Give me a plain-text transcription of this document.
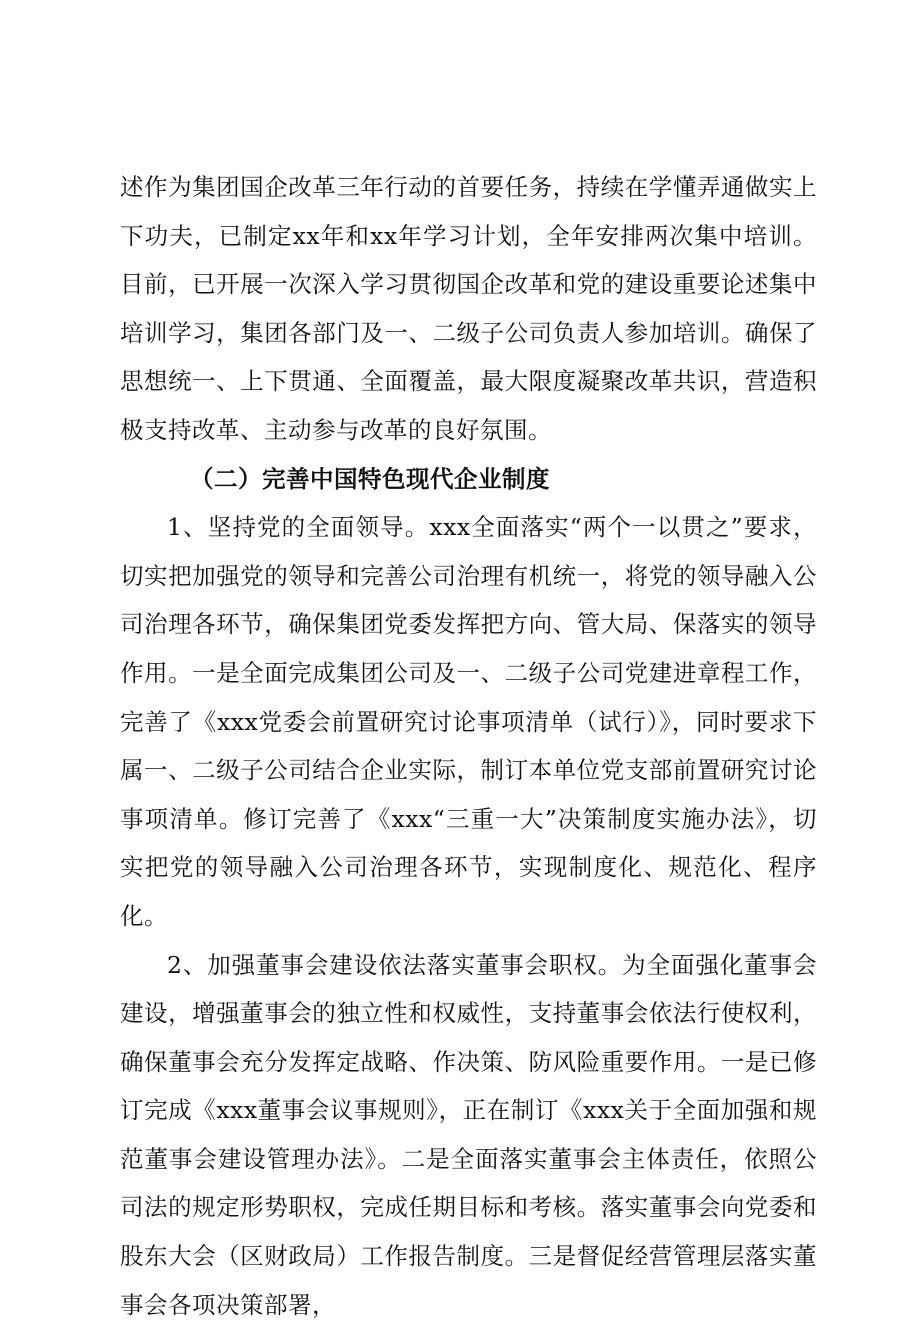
述作为集团国企改革三年行动的首要任务，持续在学懂弄通做实上下功夫，已制定xx年和xx年学习计划，全年安排两次集中培训。目前，已开展一次深入学习贯彻国企改革和党的建设重要论述集中培训学习，集团各部门及一、二级子公司负责人参加培训。确保了思想统一、上下贯通、全面覆盖，最大限度凝聚改革共识，营造积极支持改革、主动参与改革的良好氛围。

（二）完善中国特色现代企业制度

1、坚持党的全面领导。xxx全面落实“两个一以贯之”要求，切实把加强党的领导和完善公司治理有机统一，将党的领导融入公司治理各环节，确保集团党委发挥把方向、管大局、保落实的领导作用。一是全面完成集团公司及一、二级子公司党建进章程工作，完善了《xxx党委会前置研究讨论事项清单（试行）》，同时要求下属一、二级子公司结合企业实际，制订本单位党支部前置研究讨论事项清单。修订完善了《xxx“三重一大”决策制度实施办法》，切实把党的领导融入公司治理各环节，实现制度化、规范化、程序化。

2、加强董事会建设依法落实董事会职权。为全面强化董事会建设，增强董事会的独立性和权威性，支持董事会依法行使权利，确保董事会充分发挥定战略、作决策、防风险重要作用。一是已修订完成《xxx董事会议事规则》，正在制订《xxx关于全面加强和规范董事会建设管理办法》。二是全面落实董事会主体责任，依照公司法的规定形势职权，完成任期目标和考核。落实董事会向党委和股东大会（区财政局）工作报告制度。三是督促经营管理层落实董事会各项决策部署，
